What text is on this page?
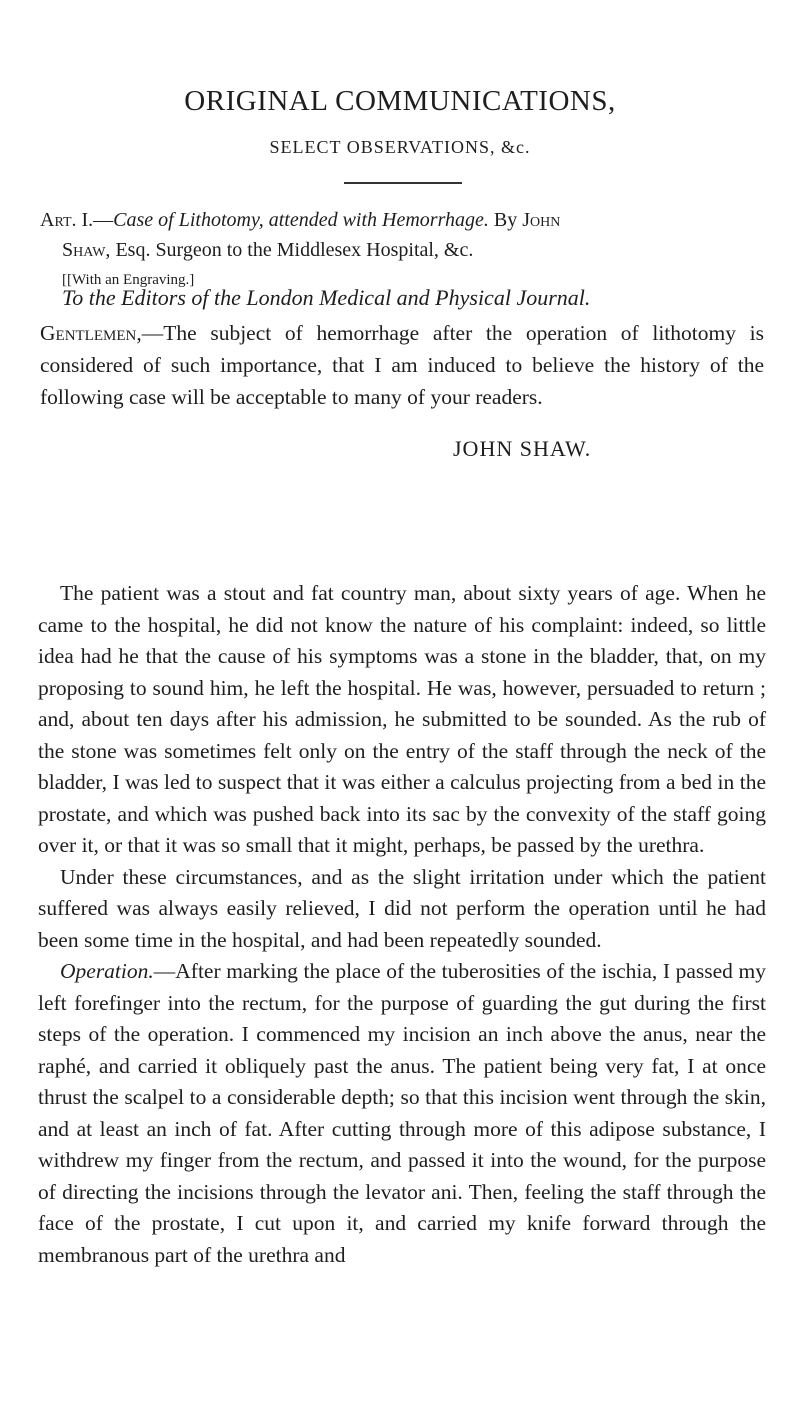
ORIGINAL COMMUNICATIONS,
SELECT OBSERVATIONS, &c.
Art. I.—Case of Lithotomy, attended with Hemorrhage. By John
Shaw, Esq. Surgeon to the Middlesex Hospital, &c.
[[With an Engraving.]
To the Editors of the London Medical and Physical Journal.
Gentlemen,—The subject of hemorrhage after the operation of lithotomy is considered of such importance, that I am induced to believe the history of the following case will be acceptable to many of your readers.
JOHN SHAW.

The patient was a stout and fat country man, about sixty years of age. When he came to the hospital, he did not know the nature of his complaint: indeed, so little idea had he that the cause of his symptoms was a stone in the bladder, that, on my proposing to sound him, he left the hospital. He was, however, persuaded to return ; and, about ten days after his admission, he submitted to be sounded. As the rub of the stone was sometimes felt only on the entry of the staff through the neck of the bladder, I was led to suspect that it was either a calculus projecting from a bed in the prostate, and which was pushed back into its sac by the convexity of the staff going over it, or that it was so small that it might, perhaps, be passed by the urethra.

Under these circumstances, and as the slight irritation under which the patient suffered was always easily relieved, I did not perform the operation until he had been some time in the hospital, and had been repeatedly sounded.

Operation.—After marking the place of the tuberosities of the ischia, I passed my left forefinger into the rectum, for the purpose of guarding the gut during the first steps of the operation. I commenced my incision an inch above the anus, near the raphé, and carried it obliquely past the anus. The patient being very fat, I at once thrust the scalpel to a considerable depth; so that this incision went through the skin, and at least an inch of fat. After cutting through more of this adipose substance, I withdrew my finger from the rectum, and passed it into the wound, for the purpose of directing the incisions through the levator ani. Then, feeling the staff through the face of the prostate, I cut upon it, and carried my knife forward through the membranous part of the urethra and
